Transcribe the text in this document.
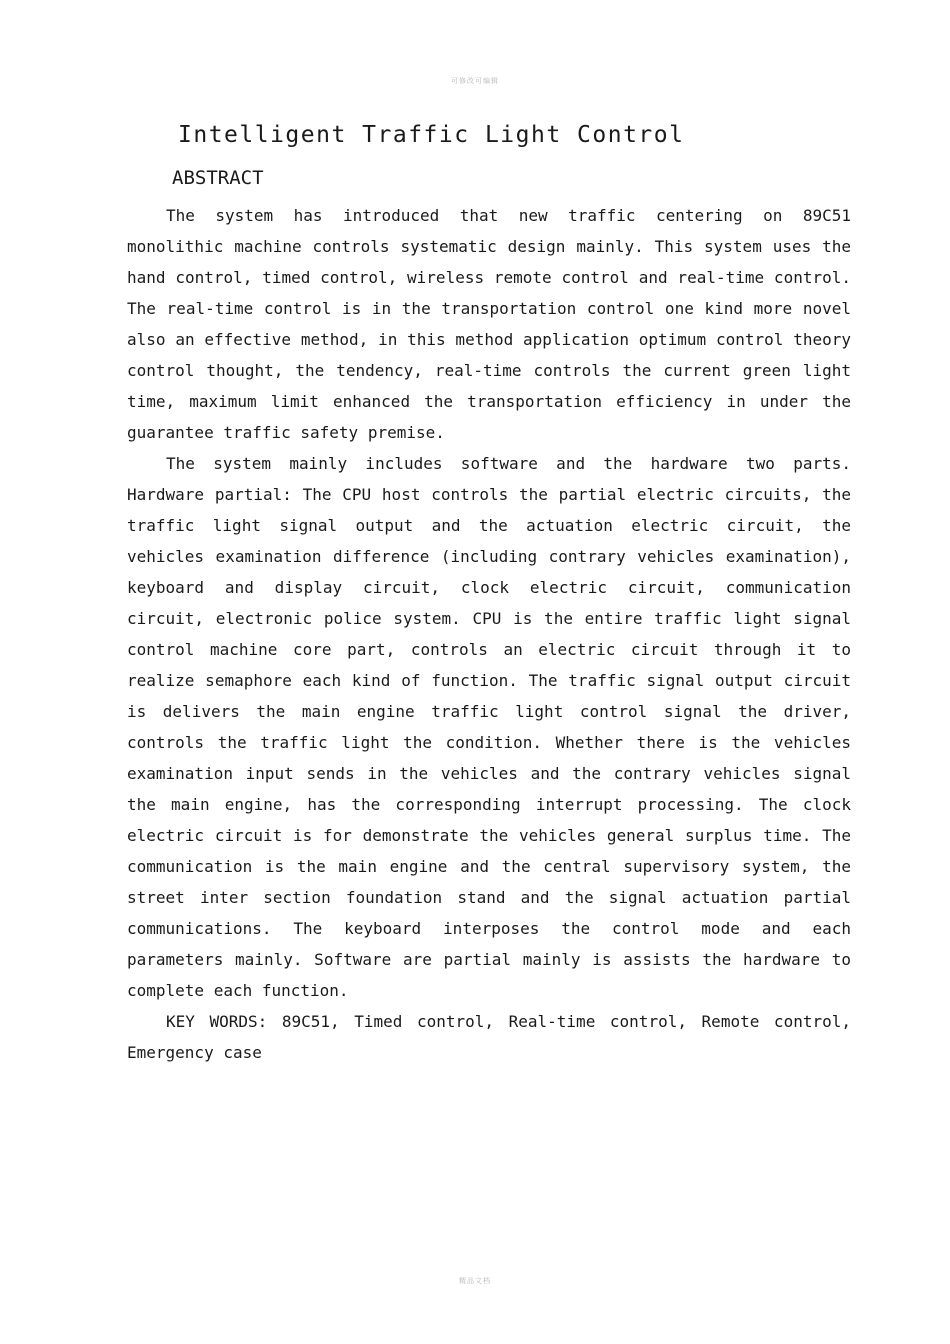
可修改可编辑
Intelligent Traffic Light Control
ABSTRACT

The system has introduced that new traffic centering on 89C51 monolithic machine controls systematic design mainly. This system uses the hand control, timed control, wireless remote control and real-time control. The real-time control is in the transportation control one kind more novel also an effective method, in this method application optimum control theory control thought, the tendency, real-time controls the current green light time, maximum limit enhanced the transportation efficiency in under the guarantee traffic safety premise.

The system mainly includes software and the hardware two parts. Hardware partial: The CPU host controls the partial electric circuits, the traffic light signal output and the actuation electric circuit, the vehicles examination difference (including contrary vehicles examination), keyboard and display circuit, clock electric circuit, communication circuit, electronic police system. CPU is the entire traffic light signal control machine core part, controls an electric circuit through it to realize semaphore each kind of function. The traffic signal output circuit is delivers the main engine traffic light control signal the driver, controls the traffic light the condition. Whether there is the vehicles examination input sends in the vehicles and the contrary vehicles signal the main engine, has the corresponding interrupt processing. The clock electric circuit is for demonstrate the vehicles general surplus time. The communication is the main engine and the central supervisory system, the street inter section foundation stand and the signal actuation partial communications. The keyboard interposes the control mode and each parameters mainly. Software are partial mainly is assists the hardware to complete each function.

KEY WORDS: 89C51, Timed control, Real-time control, Remote control, Emergency case

精品文档
